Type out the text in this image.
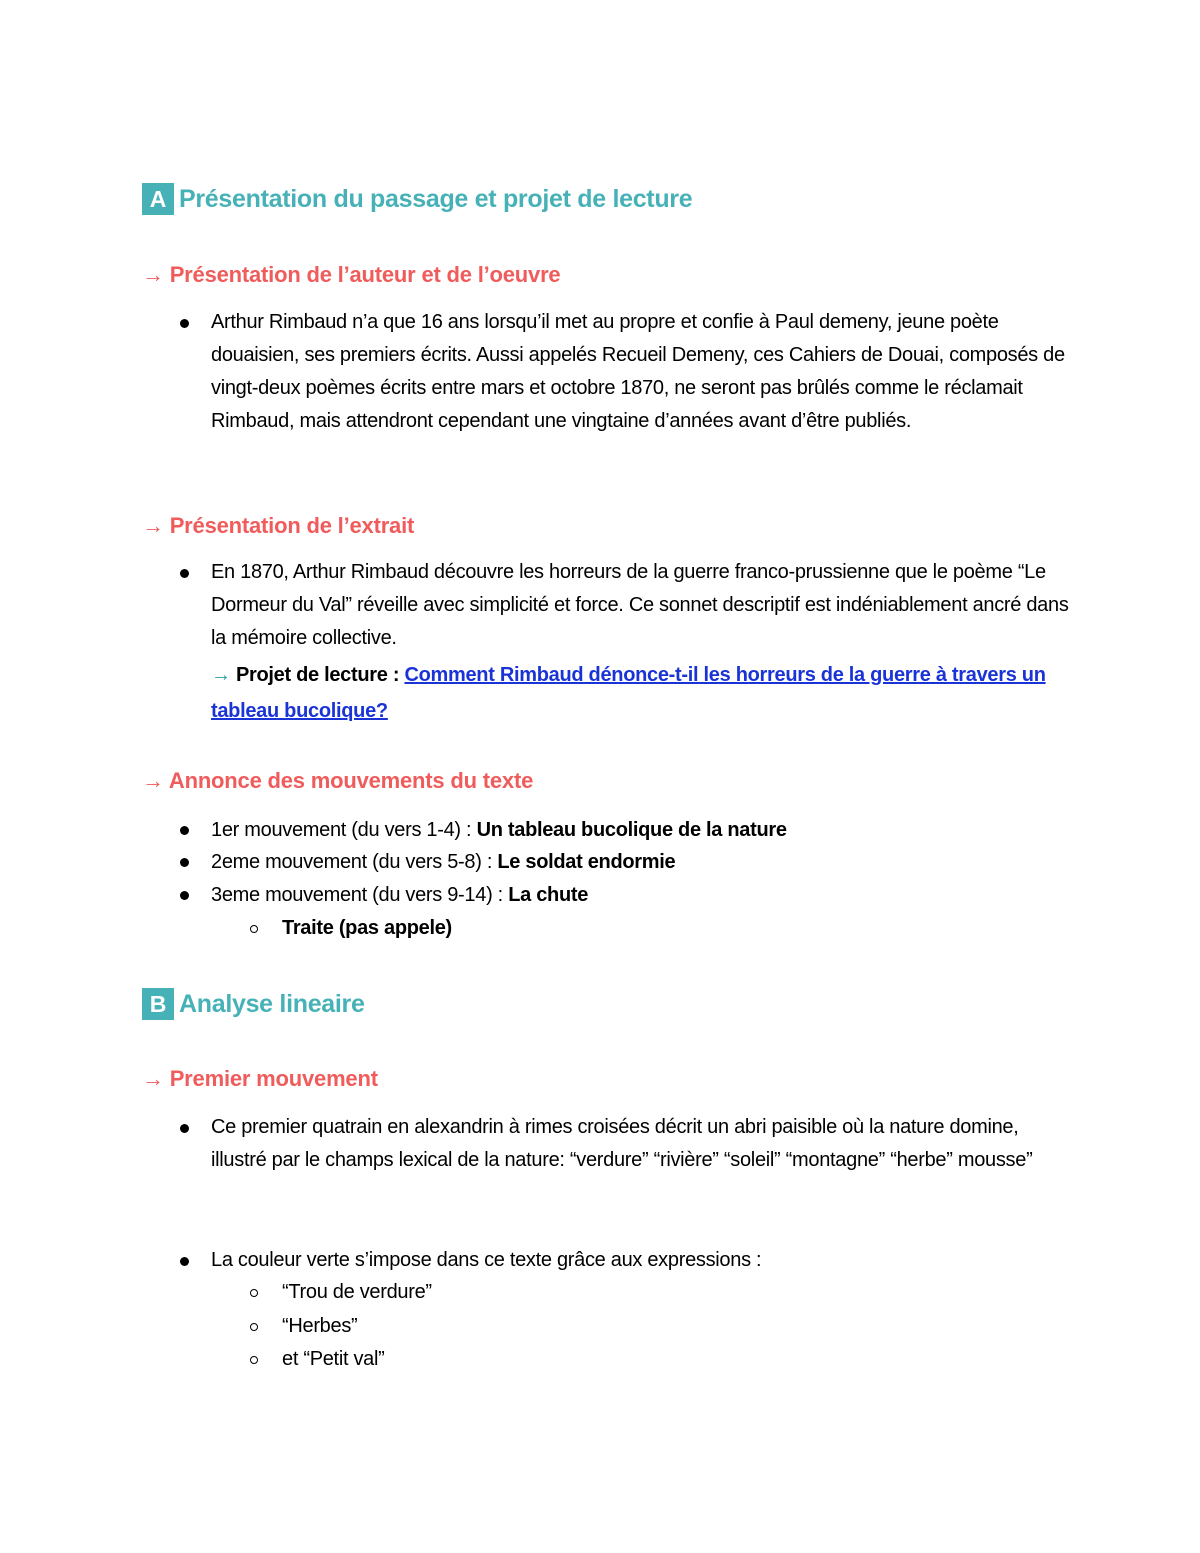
A Présentation du passage et projet de lecture
→ Présentation de l’auteur et de l’oeuvre
Arthur Rimbaud n’a que 16 ans lorsqu’il met au propre et confie à Paul demeny, jeune poète douaisien, ses premiers écrits. Aussi appelés Recueil Demeny, ces Cahiers de Douai, composés de vingt-deux poèmes écrits entre mars et octobre 1870, ne seront pas brûlés comme le réclamait Rimbaud, mais attendront cependant une vingtaine d’années avant d’être publiés.
→ Présentation de l’extrait
En 1870, Arthur Rimbaud découvre les horreurs de la guerre franco-prussienne que le poème “Le Dormeur du Val” réveille avec simplicité et force. Ce sonnet descriptif est indéniablement ancré dans la mémoire collective.
→ Projet de lecture : Comment Rimbaud dénonce-t-il les horreurs de la guerre à travers un tableau bucolique?
→ Annonce des mouvements du texte
1er mouvement (du vers 1-4) : Un tableau bucolique de la nature
2eme mouvement (du vers 5-8) : Le soldat endormie
3eme mouvement (du vers 9-14) : La chute
Traite (pas appele)
B Analyse lineaire
→ Premier mouvement
Ce premier quatrain en alexandrin à rimes croisées décrit un abri paisible où la nature domine, illustré par le champs lexical de la nature: “verdure” “rivière” “soleil” “montagne” “herbe” mousse”
La couleur verte s’impose dans ce texte grâce aux expressions :
“Trou de verdure”
“Herbes”
et “Petit val”
